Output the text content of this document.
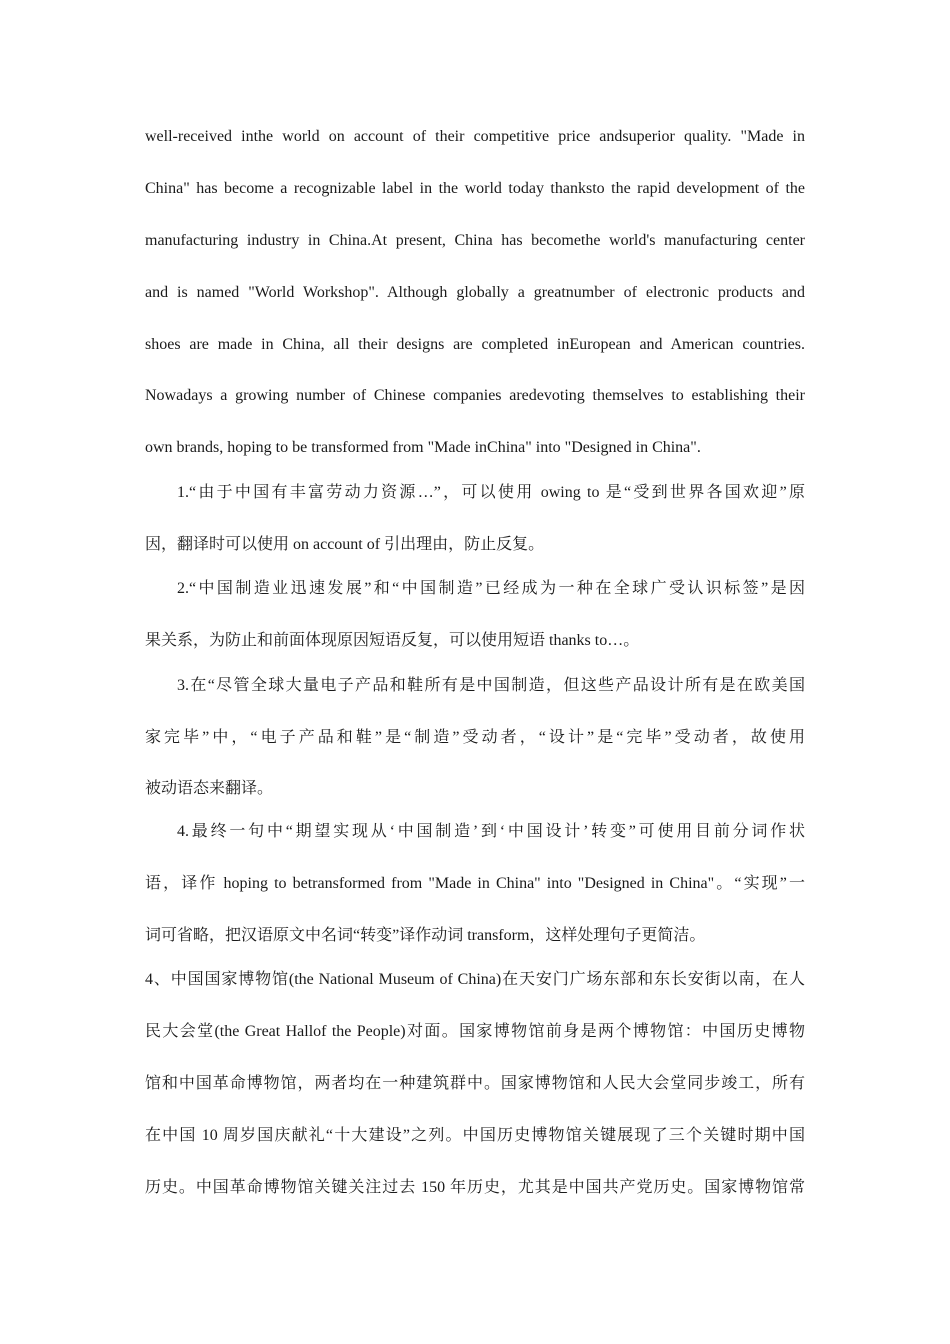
well-received inthe world on account of their competitive price andsuperior quality. "Made in
China" has become a recognizable label in the world today thanksto the rapid development of the
manufacturing industry in China.At present, China has becomethe world's manufacturing center
and is named "World Workshop". Although globally a greatnumber of electronic products and
shoes are made in China, all their designs are completed inEuropean and American countries.
Nowadays a growing number of Chinese companies aredevoting themselves to establishing their
own brands, hoping to be transformed from "Made inChina" into "Designed in China".
1.“由于中国有丰富劳动力资源…”，可以使用 owing to 是“受到世界各国欢迎”原
因，翻译时可以使用 on account of 引出理由，防止反复。
2.“中国制造业迅速发展”和“中国制造”已经成为一种在全球广受认识标签”是因
果关系，为防止和前面体现原因短语反复，可以使用短语 thanks to…。
3.在“尽管全球大量电子产品和鞋所有是中国制造，但这些产品设计所有是在欧美国
家完毕”中，“电子产品和鞋”是“制造”受动者，“设计”是“完毕”受动者，故使用
被动语态来翻译。
4.最终一句中“期望实现从‘中国制造’到‘中国设计’转变”可使用目前分词作状
语，译作 hoping to betransformed from "Made in China" into "Designed in China"。“实现”一
词可省略，把汉语原文中名词“转变”译作动词 transform，这样处理句子更简洁。
4、中国国家博物馆(the National Museum of China)在天安门广场东部和东长安街以南，在人
民大会堂(the Great Hallof the People)对面。国家博物馆前身是两个博物馆：中国历史博物
馆和中国革命博物馆，两者均在一种建筑群中。国家博物馆和人民大会堂同步竣工，所有
在中国 10 周岁国庆献礼“十大建设”之列。中国历史博物馆关键展现了三个关键时期中国
历史。中国革命博物馆关键关注过去 150 年历史，尤其是中国共产党历史。国家博物馆常
